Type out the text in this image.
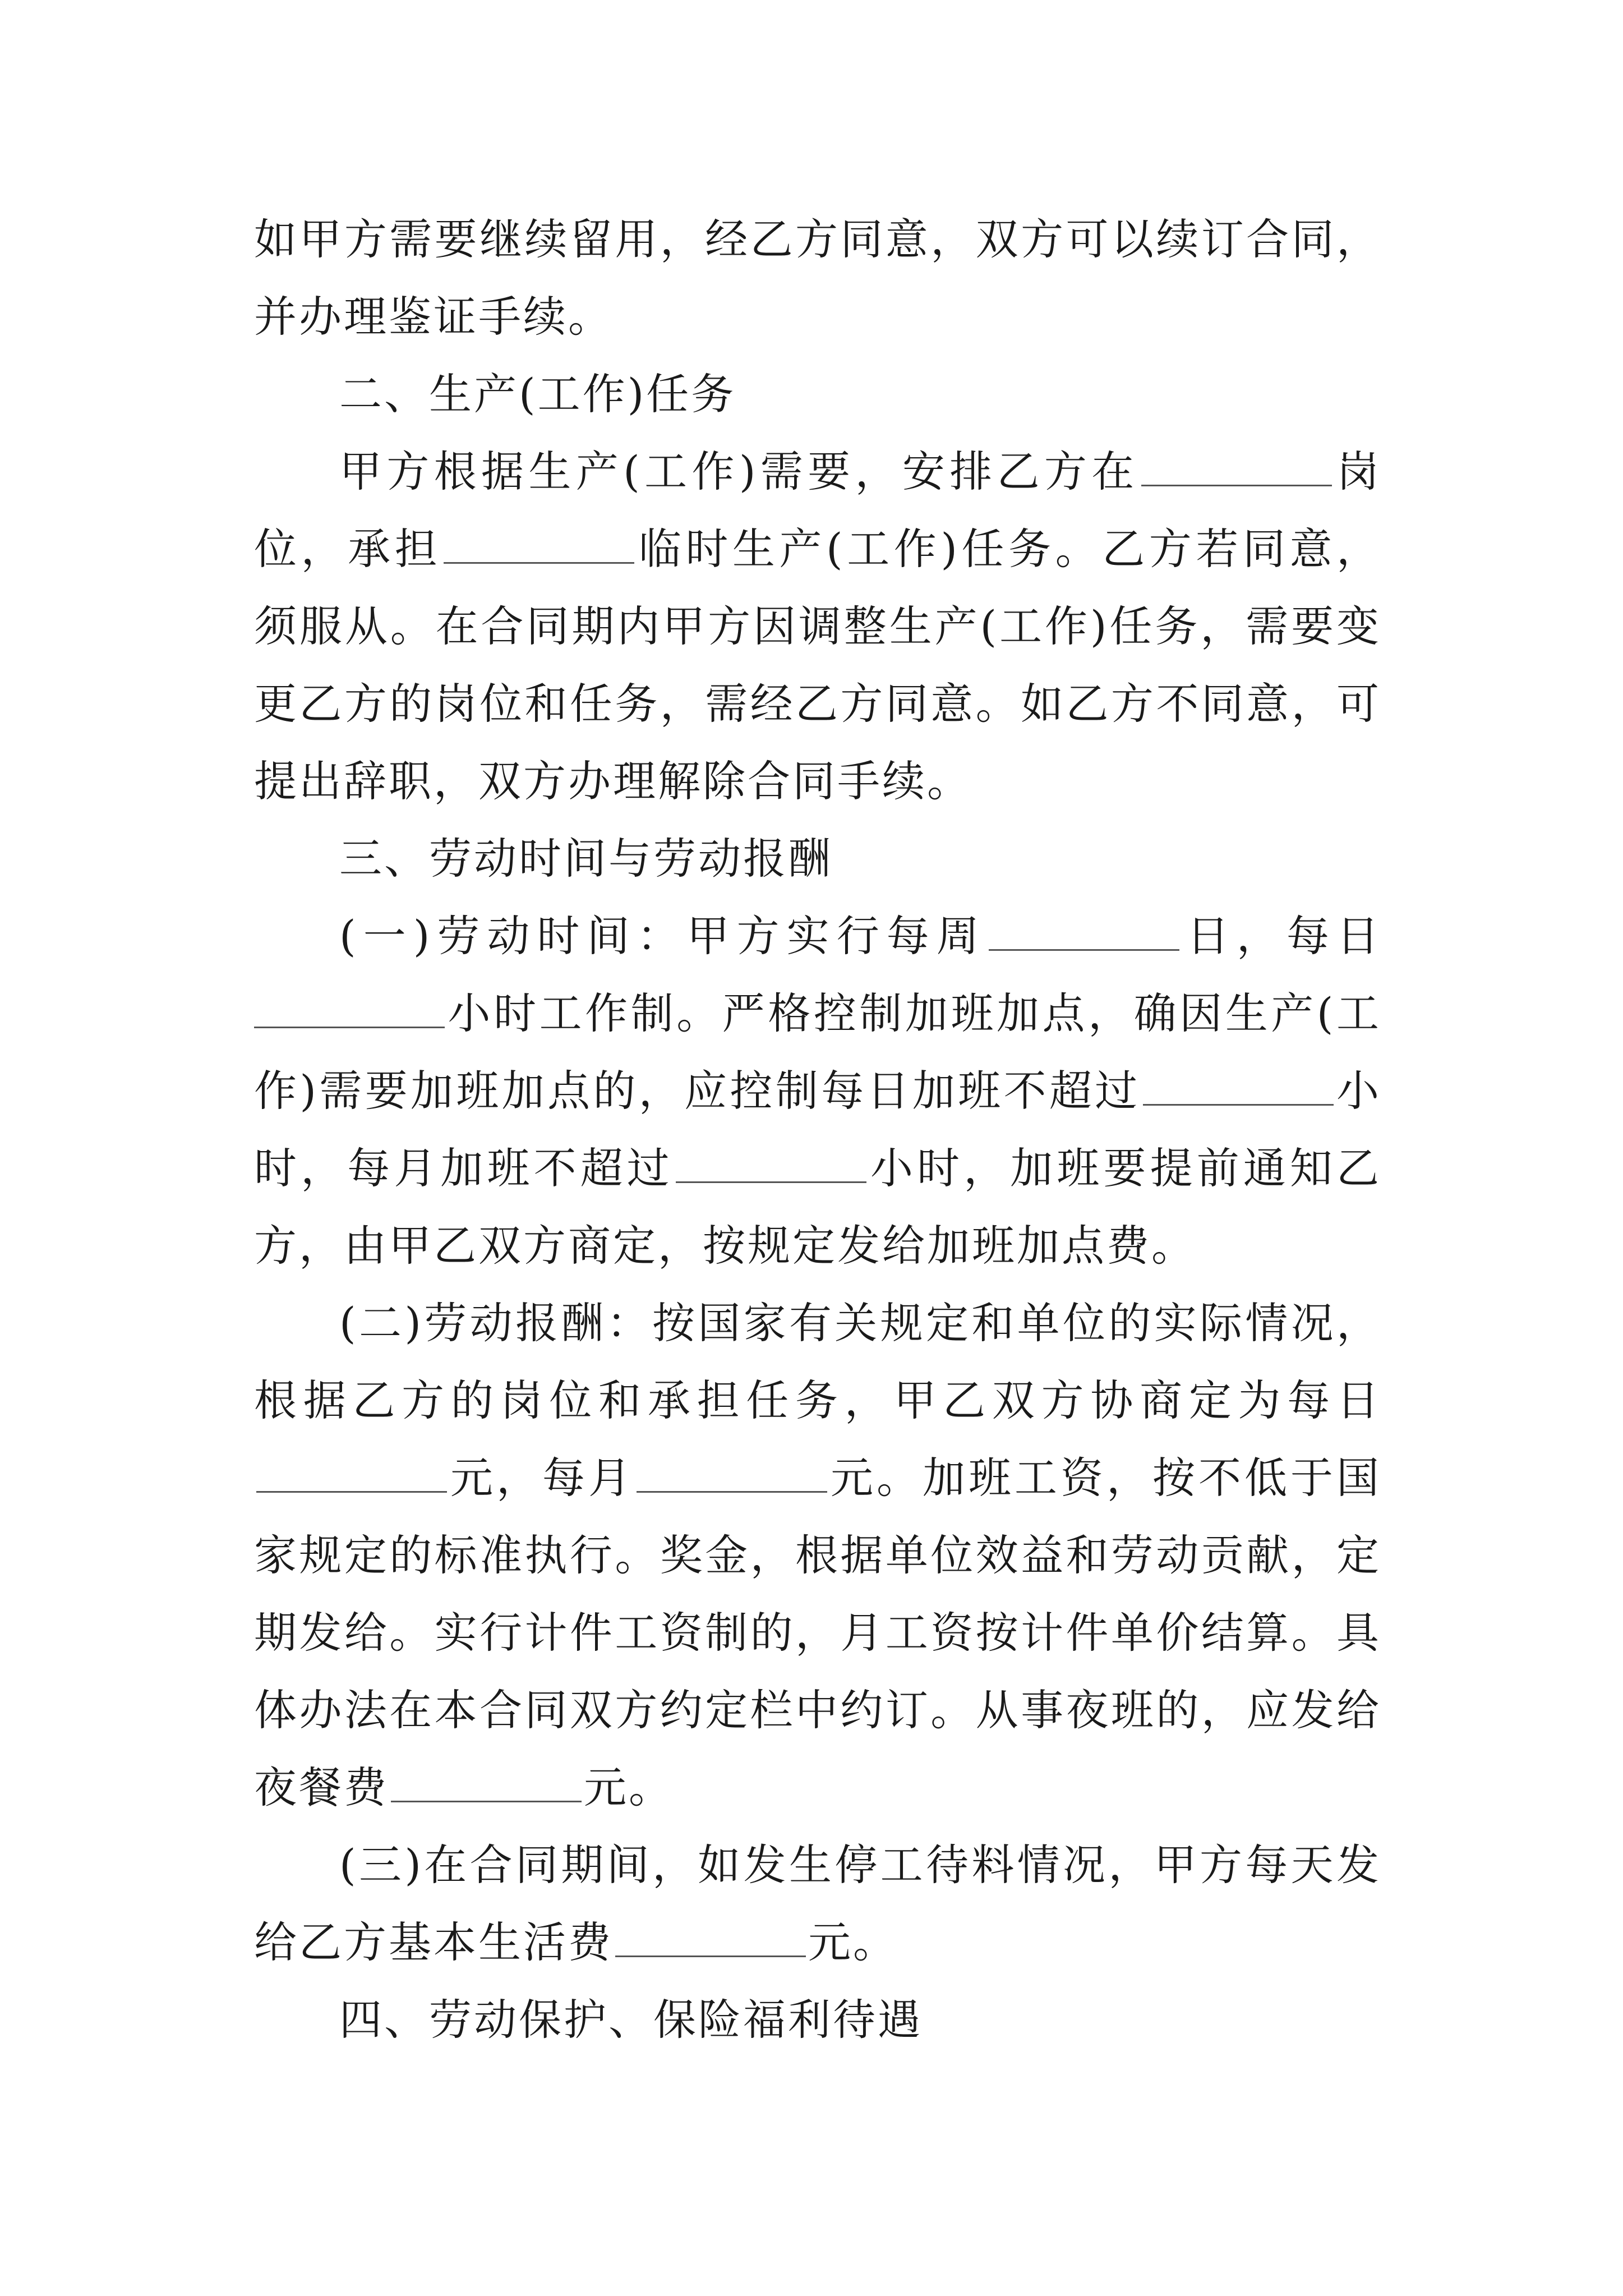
如甲方需要继续留用，经乙方同意，双方可以续订合同，并办理鉴证手续。

二、生产(工作)任务

甲方根据生产(工作)需要，安排乙方在	岗位，承担	临时生产(工作)任务。乙方若同意，须服从。在合同期内甲方因调整生产(工作)任务，需要变更乙方的岗位和任务，需经乙方同意。如乙方不同意，可提出辞职，双方办理解除合同手续。

三、劳动时间与劳动报酬

(一)劳动时间：甲方实行每周	日，每日小时工作制。严格控制加班加点，确因生产(工作)需要加班加点的，应控制每日加班不超过	小时，每月加班不超过	小时，加班要提前通知乙方，由甲乙双方商定，按规定发给加班加点费。

(二)劳动报酬：按国家有关规定和单位的实际情况，根据乙方的岗位和承担任务，甲乙双方协商定为每日元，每月	元。加班工资，按不低于国家规定的标准执行。奖金，根据单位效益和劳动贡献，定期发给。实行计件工资制的，月工资按计件单价结算。具体办法在本合同双方约定栏中约订。从事夜班的，应发给夜餐费	元。

(三)在合同期间，如发生停工待料情况，甲方每天发给乙方基本生活费	元。

四、劳动保护、保险福利待遇
